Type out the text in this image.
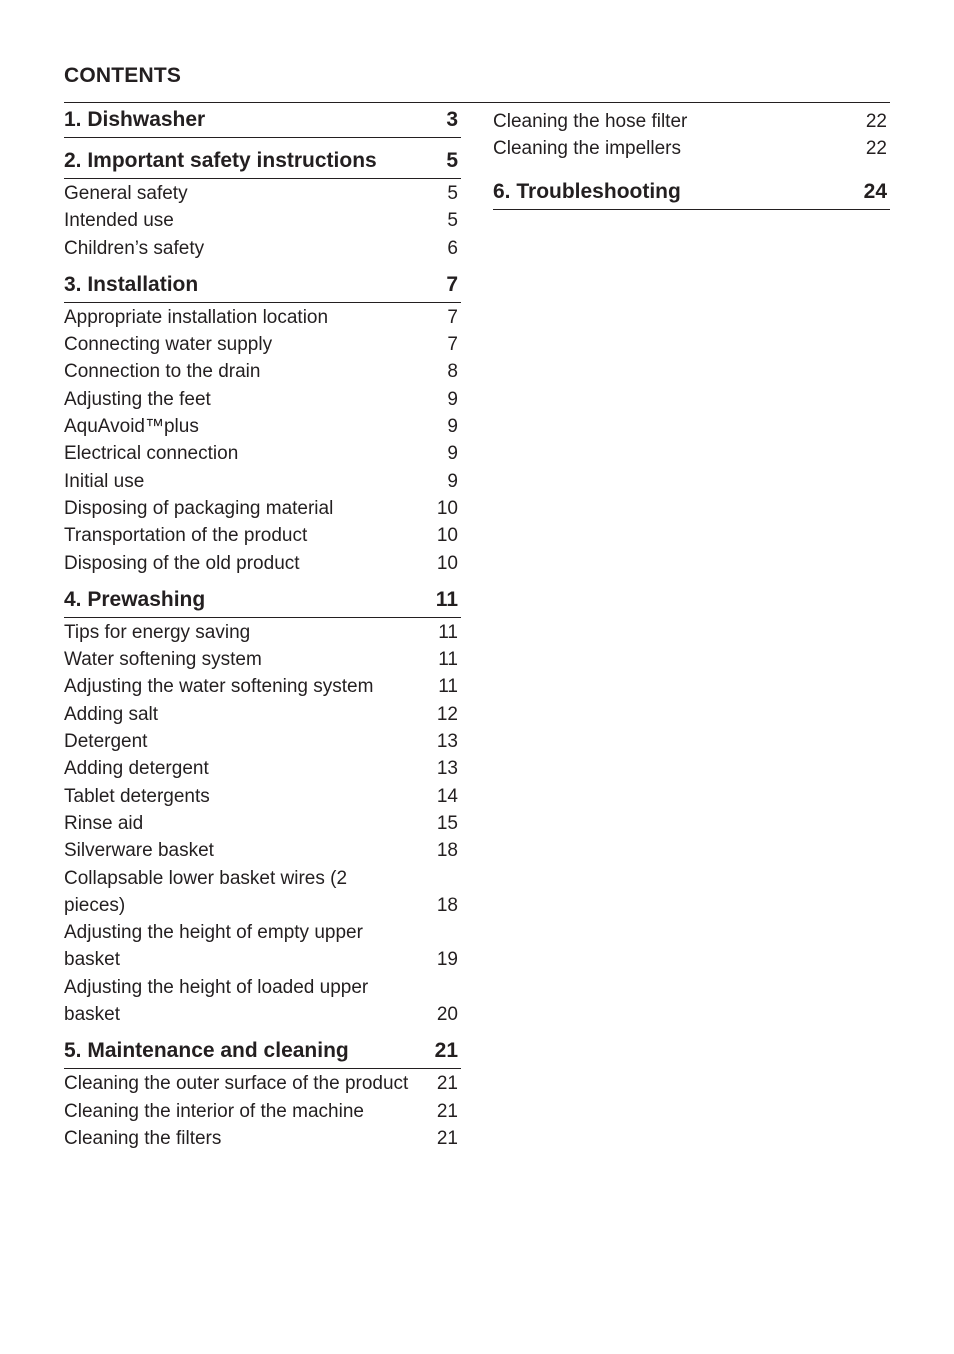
CONTENTS
1. Dishwasher	3
2. Important safety instructions	5
General safety	5
Intended use	5
Children’s safety	6
3. Installation	7
Appropriate installation location	7
Connecting water supply	7
Connection to the drain	8
Adjusting the feet	9
AquAvoid™plus	9
Electrical connection	9
Initial use	9
Disposing of packaging material	10
Transportation of the product	10
Disposing of the old product	10
4. Prewashing	11
Tips for energy saving	11
Water softening system	11
Adjusting the water softening system	11
Adding salt	12
Detergent	13
Adding detergent	13
Tablet detergents	14
Rinse aid	15
Silverware basket	18
Collapsable lower basket wires (2
pieces)	18
Adjusting the height of empty upper
basket	19
Adjusting the height of loaded upper
basket	20
5. Maintenance and cleaning	21
Cleaning the outer surface of the product 21
Cleaning the interior of the machine	21
Cleaning the filters	21
Cleaning the hose filter	22
Cleaning the impellers	22
6. Troubleshooting	24
